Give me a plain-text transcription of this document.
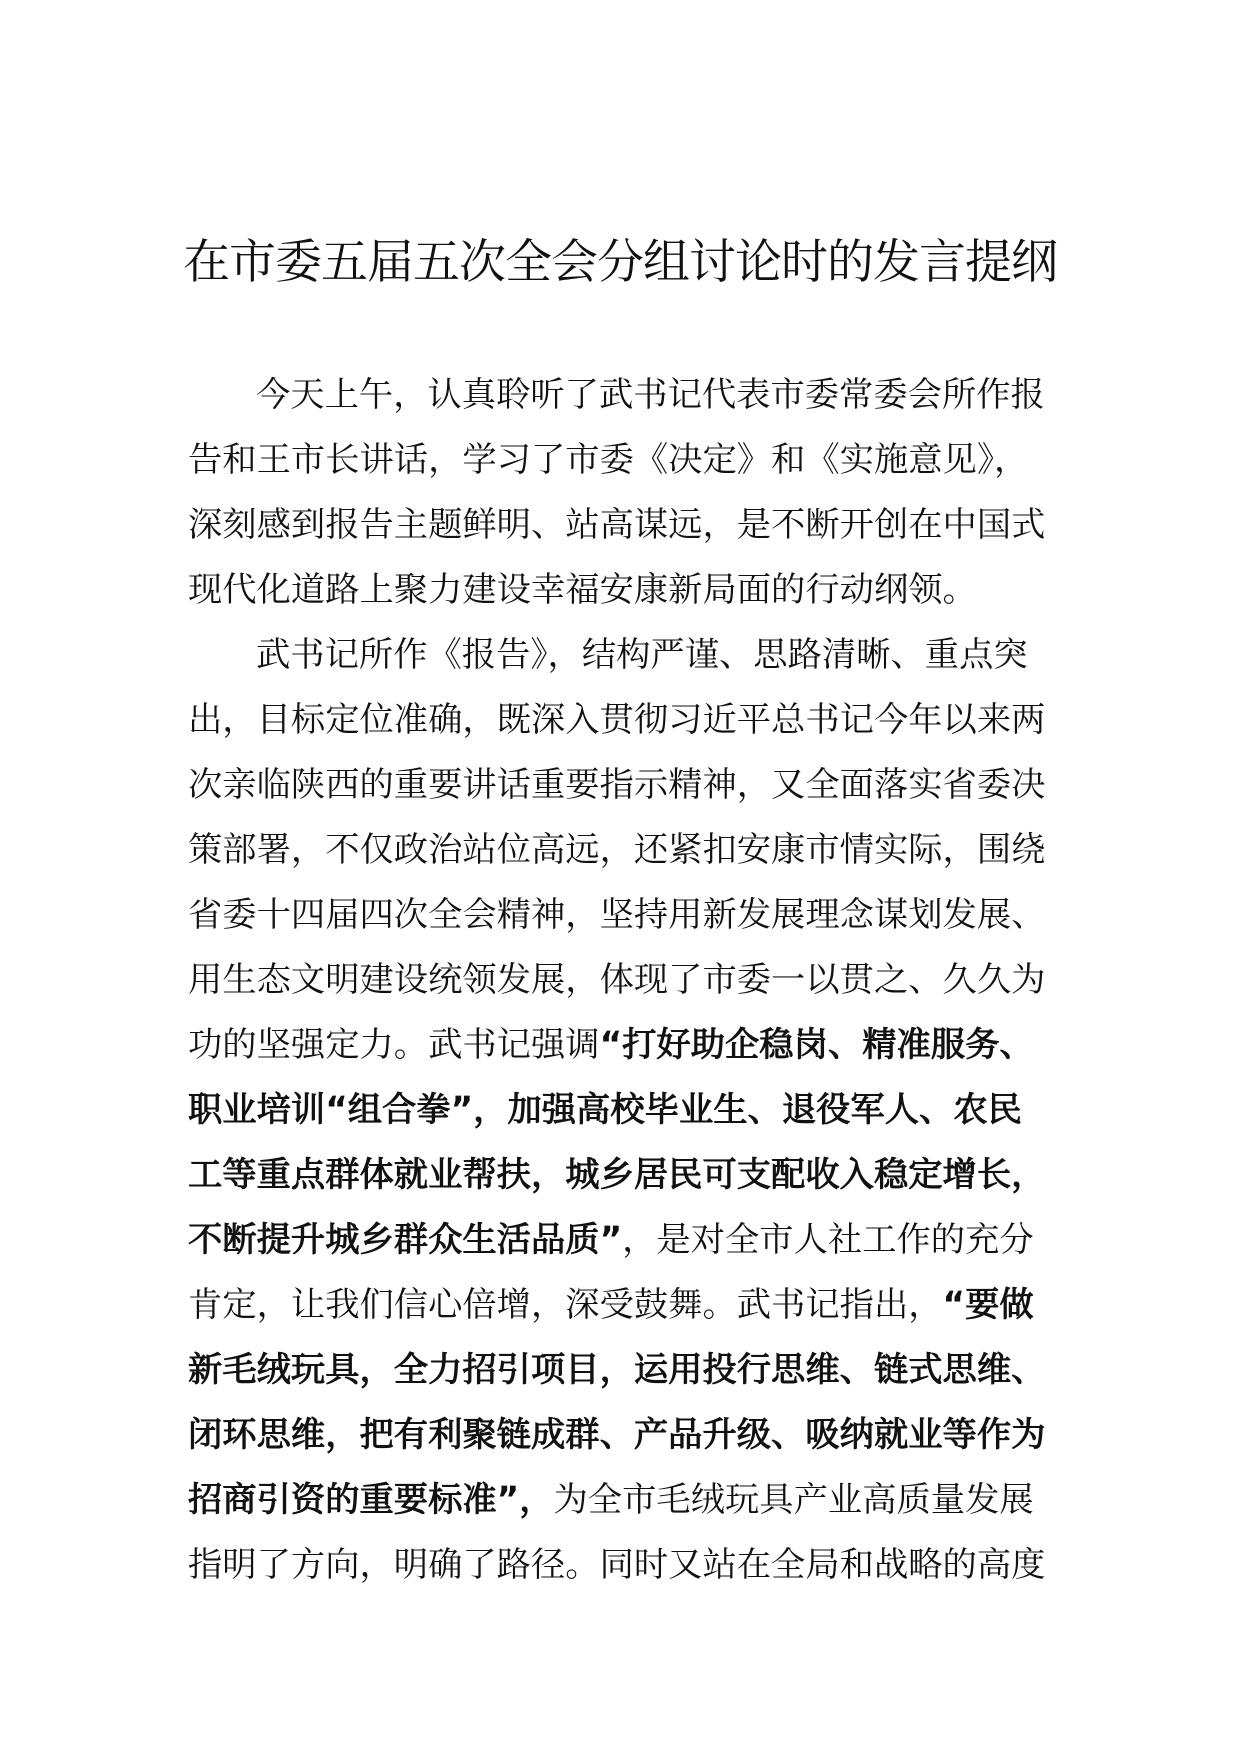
在市委五届五次全会分组讨论时的发言提纲

今天上午，认真聆听了武书记代表市委常委会所作报
告和王市长讲话，学习了市委《决定》和《实施意见》，
深刻感到报告主题鲜明、站高谋远，是不断开创在中国式
现代化道路上聚力建设幸福安康新局面的行动纲领。

武书记所作《报告》，结构严谨、思路清晰、重点突
出，目标定位准确，既深入贯彻习近平总书记今年以来两
次亲临陕西的重要讲话重要指示精神，又全面落实省委决
策部署，不仅政治站位高远，还紧扣安康市情实际，围绕
省委十四届四次全会精神，坚持用新发展理念谋划发展、
用生态文明建设统领发展，体现了市委一以贯之、久久为
功的坚强定力。武书记强调“打好助企稳岗、精准服务、
职业培训“组合拳”，加强高校毕业生、退役军人、农民
工等重点群体就业帮扶，城乡居民可支配收入稳定增长，
不断提升城乡群众生活品质”，是对全市人社工作的充分
肯定，让我们信心倍增，深受鼓舞。武书记指出，“要做
新毛绒玩具，全力招引项目，运用投行思维、链式思维、
闭环思维，把有利聚链成群、产品升级、吸纳就业等作为
招商引资的重要标准”，为全市毛绒玩具产业高质量发展
指明了方向，明确了路径。同时又站在全局和战略的高度
